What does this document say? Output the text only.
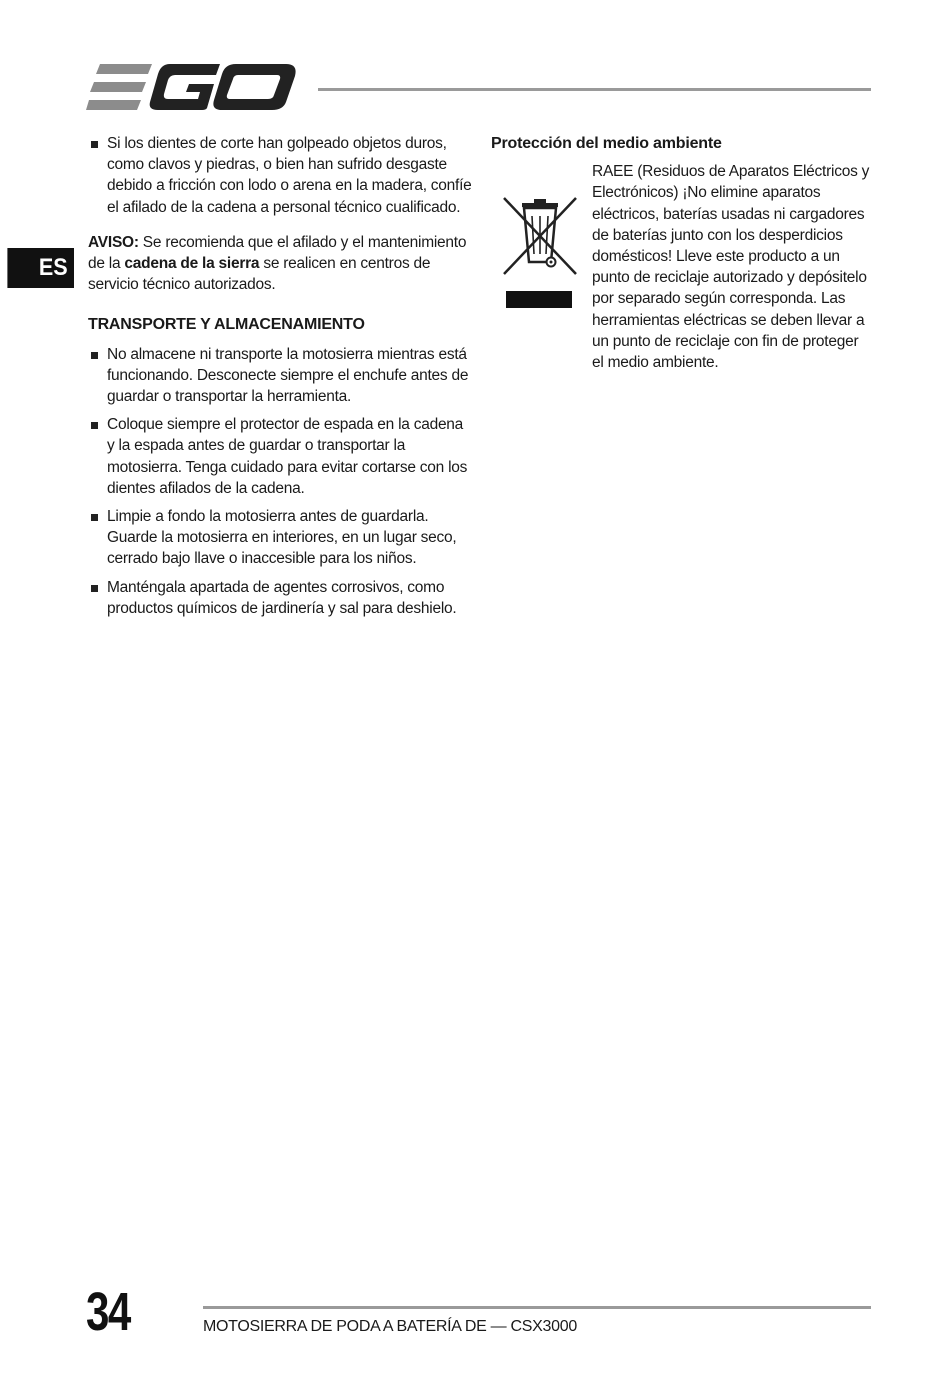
ES
Si los dientes de corte han golpeado objetos duros, como clavos y piedras, o bien han sufrido desgaste debido a fricción con lodo o arena en la madera, confíe el afilado de la cadena a personal técnico cualificado.

AVISO: Se recomienda que el afilado y el mantenimiento de la cadena de la sierra se realicen en centros de servicio técnico autorizados.

TRANSPORTE Y ALMACENAMIENTO
No almacene ni transporte la motosierra mientras está funcionando. Desconecte siempre el enchufe antes de guardar o transportar la herramienta.
Coloque siempre el protector de espada en la cadena y la espada antes de guardar o transportar la motosierra. Tenga cuidado para evitar cortarse con los dientes afilados de la cadena.
Limpie a fondo la motosierra antes de guardarla. Guarde la motosierra en interiores, en un lugar seco, cerrado bajo llave o inaccesible para los niños.
Manténgala apartada de agentes corrosivos, como productos químicos de jardinería y sal para deshielo.
Protección del medio ambiente

RAEE (Residuos de Aparatos Eléctricos y Electrónicos) ¡No elimine aparatos eléctricos, baterías usadas ni cargadores de baterías junto con los desperdicios domésticos! Lleve este producto a un punto de reciclaje autorizado y depósitelo por separado según corresponda. Las herramientas eléctricas se deben llevar a un punto de reciclaje con fin de proteger el medio ambiente.

34	MOTOSIERRA DE PODA A BATERÍA DE — CSX3000
